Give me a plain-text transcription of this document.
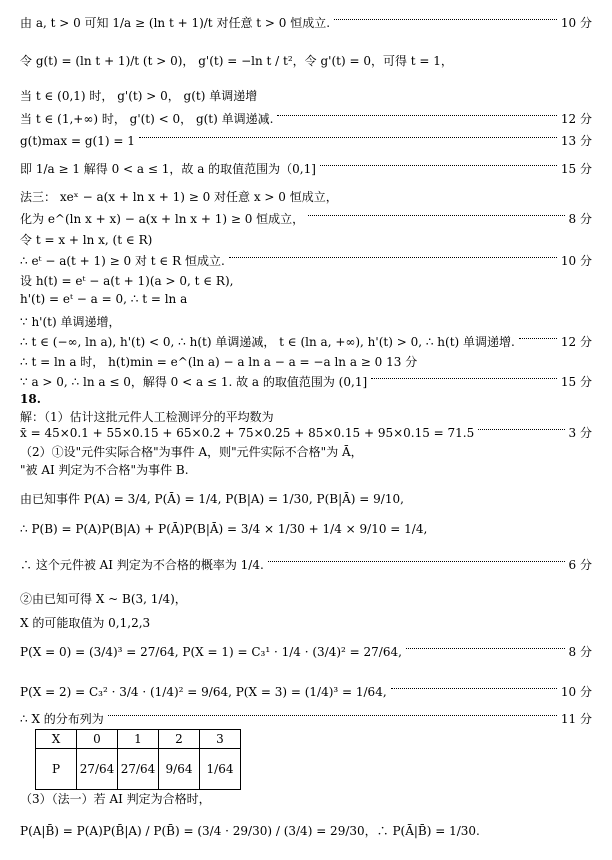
由 a, t > 0 可知 1/a ≥ (ln t + 1)/t 对任意 t > 0 恒成立.	10 分
令 g(t) = (ln t + 1)/t (t > 0)， g'(t) = −ln t / t²，令 g'(t) = 0，可得 t = 1，
当 t ∈ (0,1) 时， g'(t) > 0， g(t) 单调递增
当 t ∈ (1,+∞) 时， g'(t) < 0， g(t) 单调递减.	12 分
g(t)max = g(1) = 1	13 分
即 1/a ≥ 1 解得 0 < a ≤ 1，故 a 的取值范围为（0,1]	15 分
法三： xeˣ − a(x + ln x + 1) ≥ 0 对任意 x > 0 恒成立，
化为 e^(ln x + x) − a(x + ln x + 1) ≥ 0 恒成立，	8 分
令 t = x + ln x, (t ∈ R)
∴ eᵗ − a(t + 1) ≥ 0 对 t ∈ R 恒成立.	10 分
设 h(t) = eᵗ − a(t + 1)(a > 0, t ∈ R),
h'(t) = eᵗ − a = 0, ∴ t = ln a
∵ h'(t) 单调递增，
∴ t ∈ (−∞, ln a), h'(t) < 0, ∴ h(t) 单调递减， t ∈ (ln a, +∞), h'(t) > 0, ∴ h(t) 单调递增.	12 分
∴ t = ln a 时， h(t)min = e^(ln a) − a ln a − a = −a ln a ≥ 0 13 分
∵ a > 0, ∴ ln a ≤ 0，解得 0 < a ≤ 1. 故 a 的取值范围为 (0,1]	15 分
18.
解：（1）估计这批元件人工检测评分的平均数为
x̄ = 45×0.1 + 55×0.15 + 65×0.2 + 75×0.25 + 85×0.15 + 95×0.15 = 71.5	3 分
（2）①设"元件实际合格"为事件 A，则"元件实际不合格"为 Ā，
"被 AI 判定为不合格"为事件 B.
由已知事件 P(A) = 3/4, P(Ā) = 1/4, P(B|A) = 1/30, P(B|Ā) = 9/10,
∴ P(B) = P(A)P(B|A) + P(Ā)P(B|Ā) = 3/4 × 1/30 + 1/4 × 9/10 = 1/4,
∴ 这个元件被 AI 判定为不合格的概率为 1/4.	6 分
②由已知可得 X ~ B(3, 1/4)，
X 的可能取值为 0,1,2,3
P(X = 0) = (3/4)³ = 27/64, P(X = 1) = C₃¹ · 1/4 · (3/4)² = 27/64,	8 分
P(X = 2) = C₃² · 3/4 · (1/4)² = 9/64, P(X = 3) = (1/4)³ = 1/64,	10 分
∴ X 的分布列为	11 分
X	0	1	2	3
P	27/64	27/64	9/64	1/64
（3）（法一）若 AI 判定为合格时，
P(A|B̄) = P(A)P(B̄|A) / P(B̄) = (3/4 · 29/30) / (3/4) = 29/30，∴ P(Ā|B̄) = 1/30.
